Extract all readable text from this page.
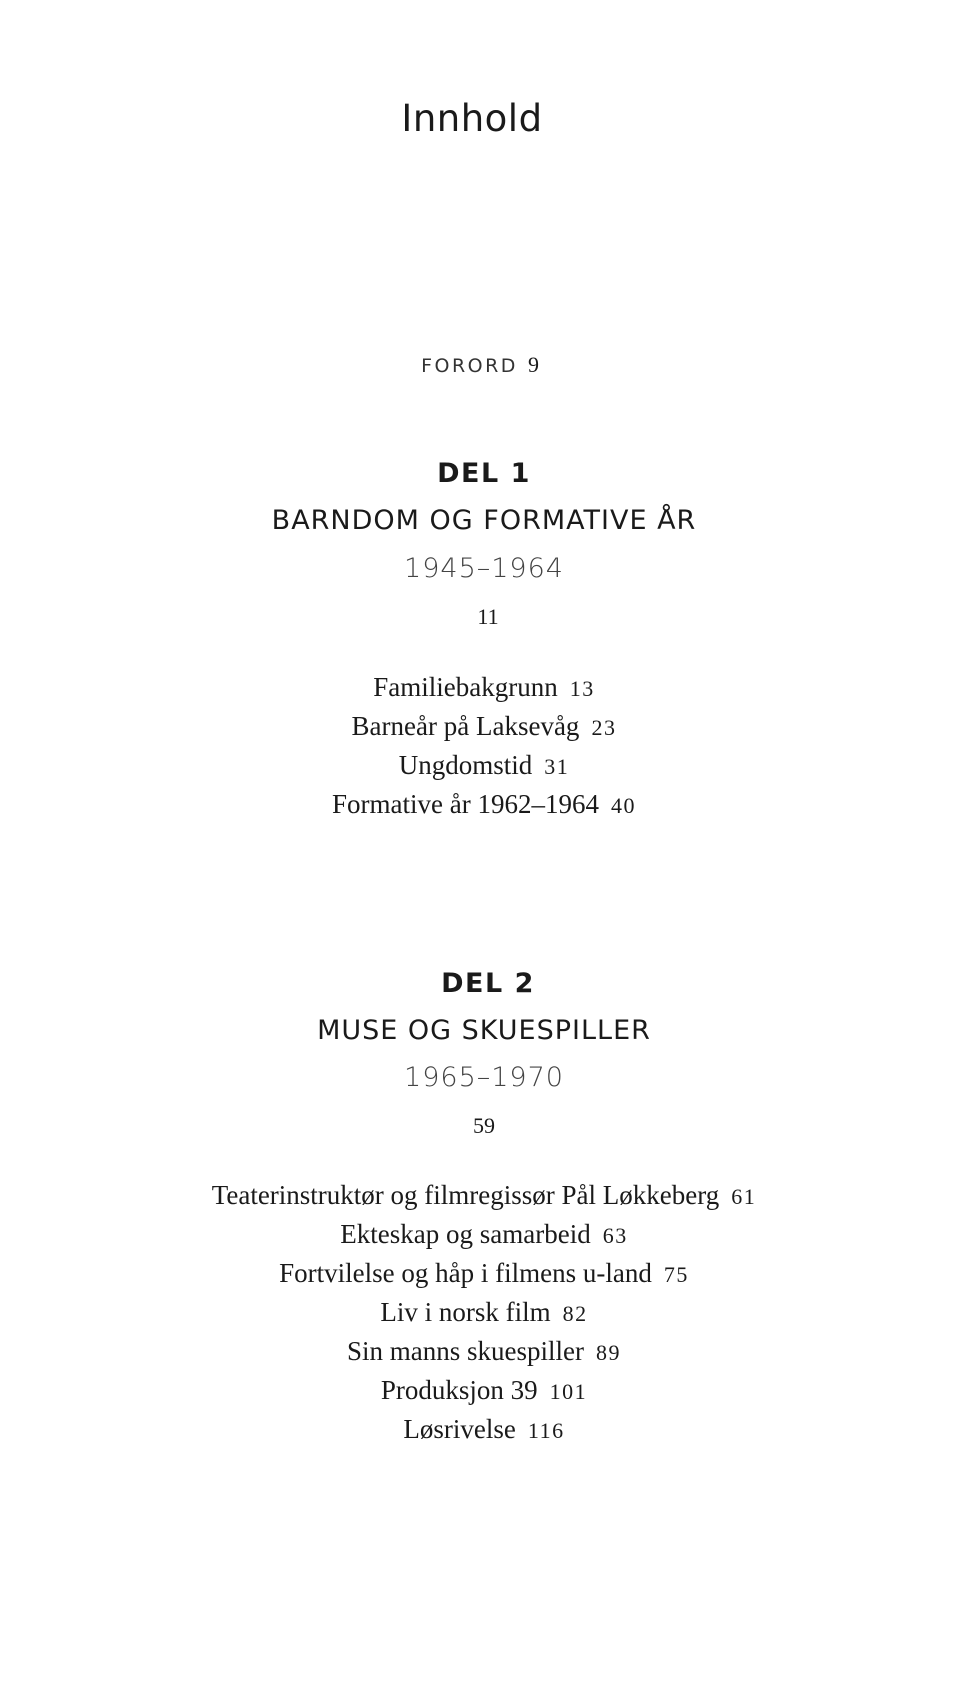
Innhold
FORORD 9
DEL 1
BARNDOM OG FORMATIVE ÅR
1945–1964
11
Familiebakgrunn 13
Barneår på Laksevåg 23
Ungdomstid 31
Formative år 1962–1964 40
DEL 2
MUSE OG SKUESPILLER
1965–1970
59
Teaterinstruktør og filmregissør Pål Løkkeberg 61
Ekteskap og samarbeid 63
Fortvilelse og håp i filmens u-land 75
Liv i norsk film 82
Sin manns skuespiller 89
Produksjon 39 101
Løsrivelse 116
